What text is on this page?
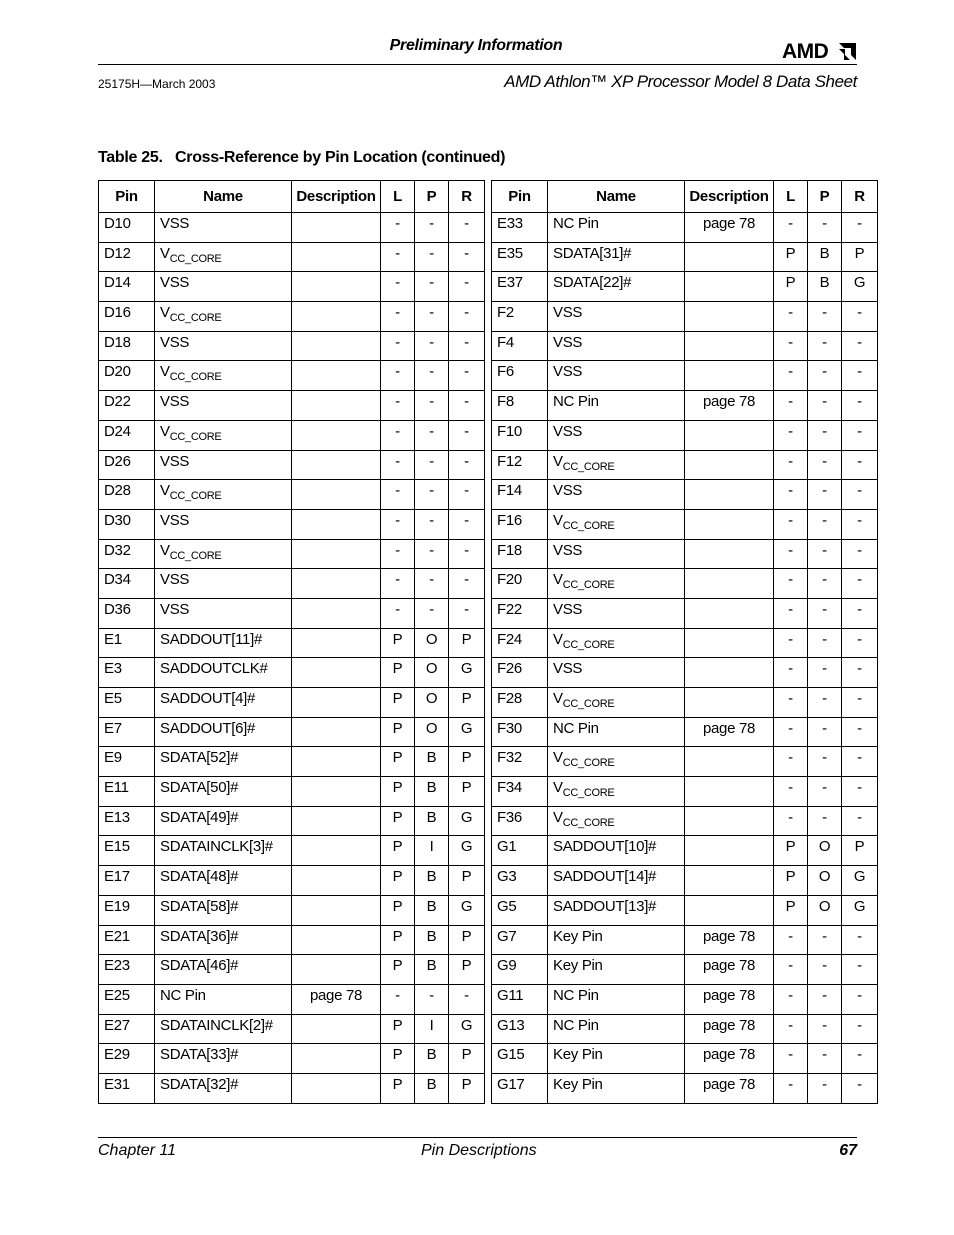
Preliminary Information	AMD
25175H—March 2003	AMD Athlon™ XP Processor Model 8 Data Sheet
Table 25.   Cross-Reference by Pin Location (continued)
Pin	Name	Description	L	P	R
D10	VSS		-	-	-
D12	$V_{CC\_CORE}$		-	-	-
D14	VSS		-	-	-
D16	$V_{CC\_CORE}$		-	-	-
D18	VSS		-	-	-
D20	$V_{CC\_CORE}$		-	-	-
D22	VSS		-	-	-
D24	$V_{CC\_CORE}$		-	-	-
D26	VSS		-	-	-
D28	$V_{CC\_CORE}$		-	-	-
D30	VSS		-	-	-
D32	$V_{CC\_CORE}$		-	-	-
D34	VSS		-	-	-
D36	VSS		-	-	-
E1	SADDOUT[11]#		P	O	P
E3	SADDOUTCLK#		P	O	G
E5	SADDOUT[4]#		P	O	P
E7	SADDOUT[6]#		P	O	G
E9	SDATA[52]#		P	B	P
E11	SDATA[50]#		P	B	P
E13	SDATA[49]#		P	B	G
E15	SDATAINCLK[3]#		P	I	G
E17	SDATA[48]#		P	B	P
E19	SDATA[58]#		P	B	G
E21	SDATA[36]#		P	B	P
E23	SDATA[46]#		P	B	P
E25	NC Pin	page 78	-	-	-
E27	SDATAINCLK[2]#		P	I	G
E29	SDATA[33]#		P	B	P
E31	SDATA[32]#		P	B	P
Pin	Name	Description	L	P	R
E33	NC Pin	page 78	-	-	-
E35	SDATA[31]#		P	B	P
E37	SDATA[22]#		P	B	G
F2	VSS		-	-	-
F4	VSS		-	-	-
F6	VSS		-	-	-
F8	NC Pin	page 78	-	-	-
F10	VSS		-	-	-
F12	$V_{CC\_CORE}$		-	-	-
F14	VSS		-	-	-
F16	$V_{CC\_CORE}$		-	-	-
F18	VSS		-	-	-
F20	$V_{CC\_CORE}$		-	-	-
F22	VSS		-	-	-
F24	$V_{CC\_CORE}$		-	-	-
F26	VSS		-	-	-
F28	$V_{CC\_CORE}$		-	-	-
F30	NC Pin	page 78	-	-	-
F32	$V_{CC\_CORE}$		-	-	-
F34	$V_{CC\_CORE}$		-	-	-
F36	$V_{CC\_CORE}$		-	-	-
G1	SADDOUT[10]#		P	O	P
G3	SADDOUT[14]#		P	O	G
G5	SADDOUT[13]#		P	O	G
G7	Key Pin	page 78	-	-	-
G9	Key Pin	page 78	-	-	-
G11	NC Pin	page 78	-	-	-
G13	NC Pin	page 78	-	-	-
G15	Key Pin	page 78	-	-	-
G17	Key Pin	page 78	-	-	-
Chapter 11	Pin Descriptions	67
